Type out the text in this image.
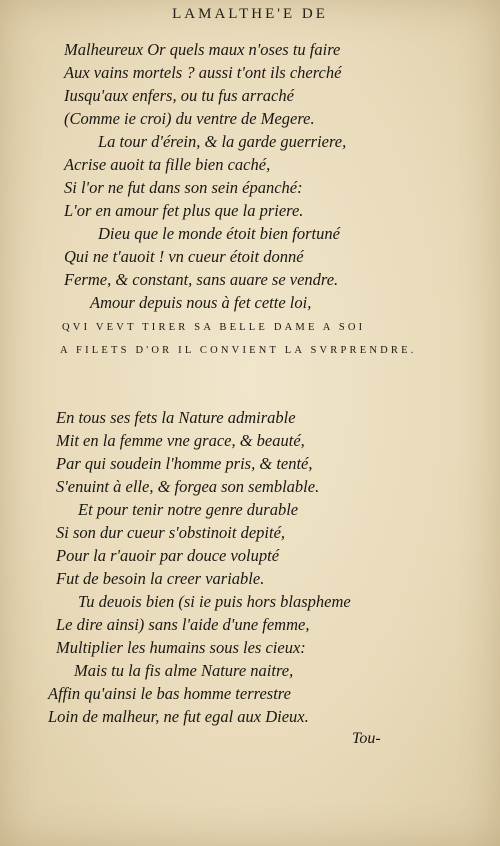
LAMALTHE'E DE
Malheureux Or quels maux n'oses tu faire
Aux vains mortels ? aussi t'ont ils cherché
Iusqu'aux enfers, ou tu fus arraché
(Comme ie croi) du ventre de Megere.
La tour d'érein, & la garde guerriere,
Acrise auoit ta fille bien caché,
Si l'or ne fut dans son sein épanché:
L'or en amour fet plus que la priere.
Dieu que le monde étoit bien fortuné
Qui ne t'auoit ! vn cueur étoit donné
Ferme, & constant, sans auare se vendre.
Amour depuis nous à fet cette loi,
QVI VEVT TIRER SA BELLE DAME A SOI
A FILETS D'OR IL CONVIENT LA SVRPRENDRE.
En tous ses fets la Nature admirable
Mit en la femme vne grace, & beauté,
Par qui soudein l'homme pris, & tenté,
S'enuint à elle, & forgea son semblable.
Et pour tenir notre genre durable
Si son dur cueur s'obstinoit depité,
Pour la r'auoir par douce volupté
Fut de besoin la creer variable.
Tu deuois bien (si ie puis hors blaspheme
Le dire ainsi) sans l'aide d'une femme,
Multiplier les humains sous les cieux:
Mais tu la fis alme Nature naitre,
Affin qu'ainsi le bas homme terrestre
Loin de malheur, ne fut egal aux Dieux.
Tou-
